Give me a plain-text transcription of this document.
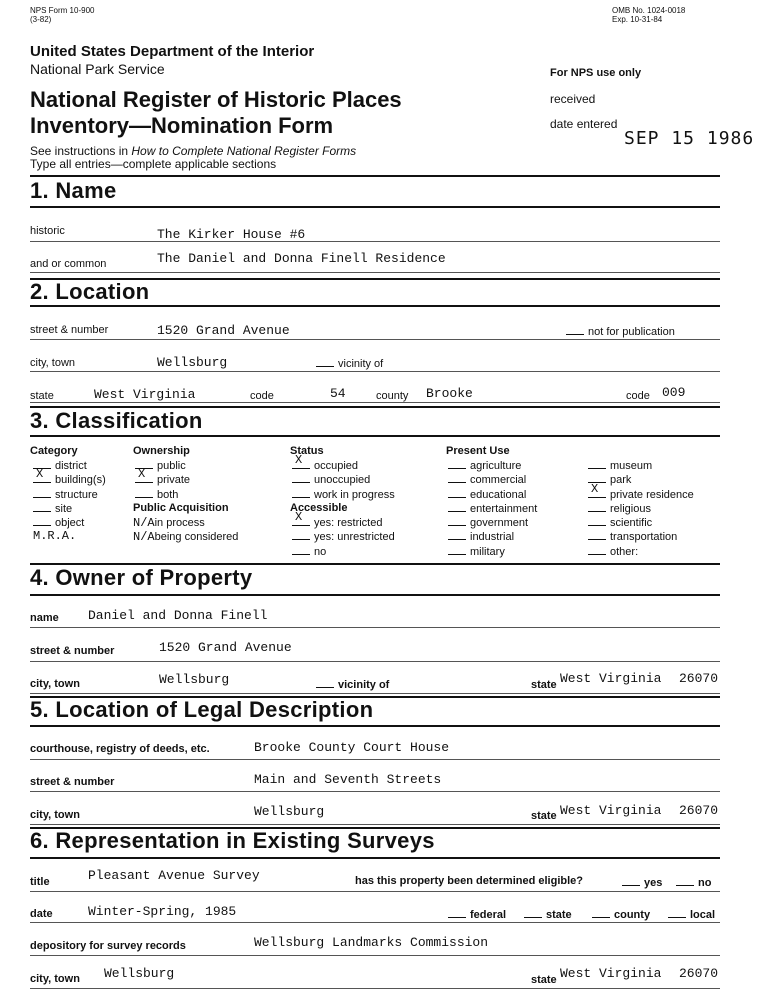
NPS Form 10-900
(3-82)
OMB No. 1024-0018
Exp. 10-31-84
United States Department of the Interior
National Park Service
National Register of Historic Places
Inventory—Nomination Form
See instructions in How to Complete National Register Forms
Type all entries—complete applicable sections
For NPS use only
received
date entered
SEP 15 1986
1. Name
historic	The Kirker House #6
and or common	The Daniel and Donna Finell Residence
2. Location
street & number	1520 Grand Avenue	not for publication
city, town	Wellsburg	vicinity of
state	West Virginia	code	54	county Brooke	code 009
3. Classification
Category
district
X building(s)
structure
site
object
M.R.A.
Ownership
public
X private
both
Public Acquisition
N/Ain process
N/Abeing considered
Status
X occupied
unoccupied
work in progress
Accessible
X yes: restricted
yes: unrestricted
no
Present Use
agriculture
commercial
educational
entertainment
government
industrial
military
museum
park
X private residence
religious
scientific
transportation
other:
4. Owner of Property
name Daniel and Donna Finell
street & number	1520 Grand Avenue
city, town	Wellsburg	vicinity of	state West Virginia 26070
5. Location of Legal Description
courthouse, registry of deeds, etc.	Brooke County Court House
street & number	Main and Seventh Streets
city, town	Wellsburg	state West Virginia 26070
6. Representation in Existing Surveys
title	Pleasant Avenue Survey	has this property been determined eligible?	yes	no
date	Winter-Spring, 1985	federal	state	county	local
depository for survey records	Wellsburg Landmarks Commission
city, town Wellsburg	state West Virginia 26070
